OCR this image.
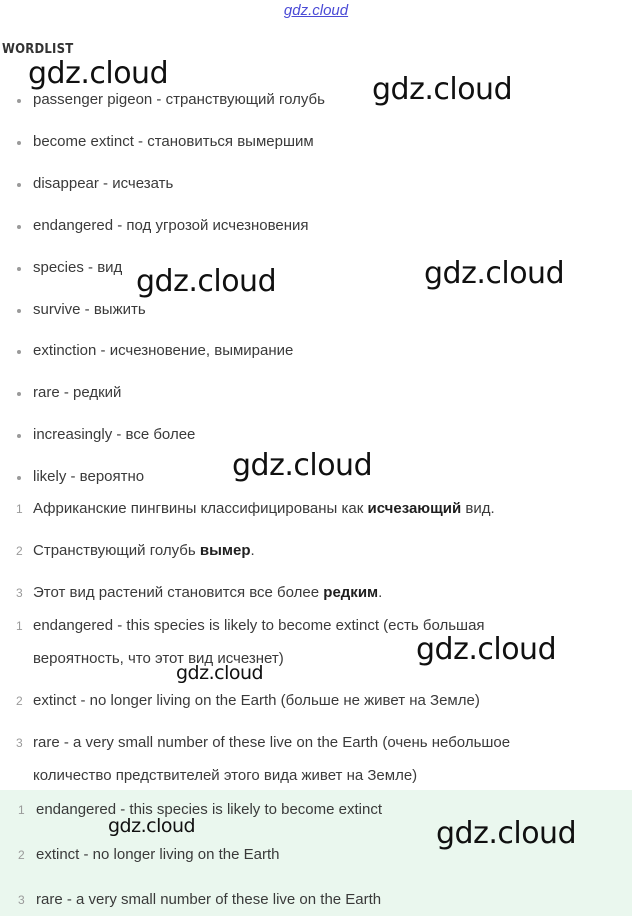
gdz.cloud
WORDLIST
passenger pigeon - странствующий голубь
become extinct - становиться вымершим
disappear - исчезать
endangered - под угрозой исчезновения
species - вид
survive - выжить
extinction - исчезновение, вымирание
rare - редкий
increasingly - все более
likely - вероятно
1 Африканские пингвины классифицированы как исчезающий вид.
2 Странствующий голубь вымер.
3 Этот вид растений становится все более редким.
1 endangered - this species is likely to become extinct (есть большая
вероятность, что этот вид исчезнет)
2 extinct - no longer living on the Earth (больше не живет на Земле)
3 rare - a very small number of these live on the Earth (очень небольшое
количество предствителей этого вида живет на Земле)
1 endangered - this species is likely to become extinct
2 extinct - no longer living on the Earth
3 rare - a very small number of these live on the Earth
gdz.cloud	gdz.cloud
gdz.cloud	gdz.cloud
gdz.cloud
gdz.cloud
gdz.cloud
gdz.cloud	gdz.cloud
